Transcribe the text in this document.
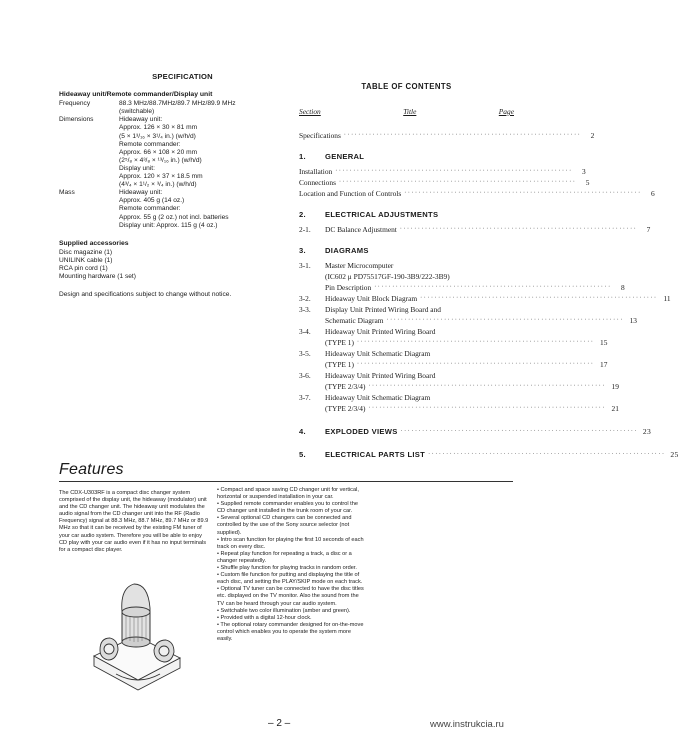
SPECIFICATION
Hideaway unit/Remote commander/Display unit
Frequency	88.3 MHz/88.7MHz/89.7 MHz/89.9 MHz
(switchable)
Dimensions	Hideaway unit:
Approx. 126 × 30 × 81 mm
(5 × 1³/₁₆ × 3¹/₄ in.) (w/h/d)
Remote commander:
Approx. 66 × 108 × 20 mm
(2⁵/₈ × 4³/₈ × ¹³/₁₆ in.) (w/h/d)
Display unit:
Approx. 120 × 37 × 18.5 mm
(4³/₄ × 1¹/₂ × ³/₄ in.) (w/h/d)
Mass	Hideaway unit:
Approx. 405 g (14 oz.)
Remote commander:
Approx. 55 g (2 oz.) not incl. batteries
Display unit: Approx. 115 g (4 oz.)
Supplied accessories
Disc magazine (1)
UNILINK cable (1)
RCA pin cord (1)
Mounting hardware (1 set)
Design and specifications subject to change without notice.
TABLE OF CONTENTS
Section	Title	Page
Specifications ··································································	2
1.	GENERAL
Installation ··································································	3
Connections ··································································	5
Location and Function of Controls ··································································	6
2.	ELECTRICAL ADJUSTMENTS
2-1.	DC Balance Adjustment ··································································	7
3.	DIAGRAMS
3-1.	Master Microcomputer
(IC602 μ PD75517GF-190-3B9/222-3B9)
Pin Description ··································································	8
3-2.	Hideaway Unit Block Diagram ·································································· 11
3-3.	Display Unit Printed Wiring Board and
Schematic Diagram ·································································· 13
3-4.	Hideaway Unit Printed Wiring Board
(TYPE 1) ·································································· 15
3-5.	Hideaway Unit Schematic Diagram
(TYPE 1) ·································································· 17
3-6.	Hideaway Unit Printed Wiring Board
(TYPE 2/3/4) ·································································· 19
3-7.	Hideaway Unit Schematic Diagram
(TYPE 2/3/4) ·································································· 21
4.	EXPLODED VIEWS ·································································· 23
5.	ELECTRICAL PARTS LIST ·································································· 25
Features
The CDX-U303RF is a compact disc changer system comprised of the display unit, the hideaway (modulator) unit and the CD changer unit. The hideaway unit modulates the audio signal from the CD changer unit into the RF (Radio Frequency) signal at 88.3 MHz, 88.7 MHz, 89.7 MHz or 89.9 MHz so that it can be received by the existing FM tuner of your car audio system. Therefore you will be able to enjoy CD play with your car audio even if it has no input terminals for a compact disc player.
• Compact and space saving CD changer unit for vertical, horizontal or suspended installation in your car.
• Supplied remote commander enables you to control the CD changer unit installed in the trunk room of your car.
• Several optional CD changers can be connected and controlled by the use of the Sony source selector (not supplied).
• Intro scan function for playing the first 10 seconds of each track on every disc.
• Repeat play function for repeating a track, a disc or a changer repeatedly.
• Shuffle play function for playing tracks in random order.
• Custom file function for putting and displaying the title of each disc, and setting the PLAY/SKIP mode on each track.
• Optional TV tuner can be connected to have the disc titles etc. displayed on the TV monitor. Also the sound from the TV can be heard through your car audio system.
• Switchable two color illumination (amber and green).
• Provided with a digital 12-hour clock.
• The optional rotary commander designed for on-the-move control which enables you to operate the system more easily.
– 2 –	www.instrukcia.ru
